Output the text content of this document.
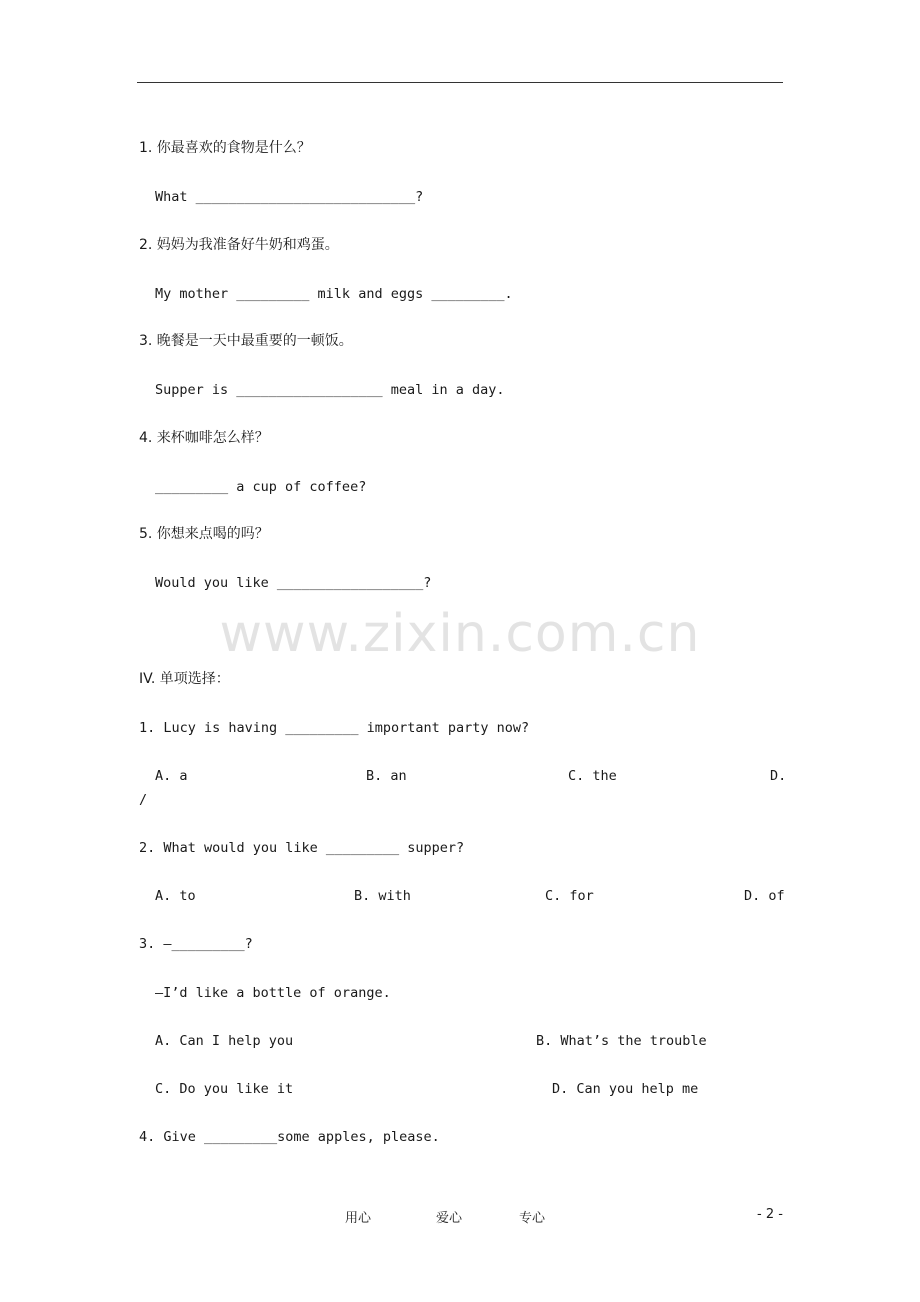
1. 你最喜欢的食物是什么？
What ___________________________?
2. 妈妈为我准备好牛奶和鸡蛋。
My mother _________ milk and eggs _________.
3. 晚餐是一天中最重要的一顿饭。
Supper is __________________ meal in a day.
4. 来杯咖啡怎么样？
_________ a cup of coffee?
5. 你想来点喝的吗？
Would you like __________________?
www.zixin.com.cn
IV. 单项选择：
1. Lucy is having _________ important party now?
A. a	B. an	C. the	D.
/
2. What would you like _________ supper?
A. to	B. with	C. for	D. of
3. —_________?
—I’d like a bottle of orange.
A. Can I help you	B. What’s the trouble
C. Do you like it	D. Can you help me
4. Give _________some apples, please.
用心	爱心	专心	- 2 -
